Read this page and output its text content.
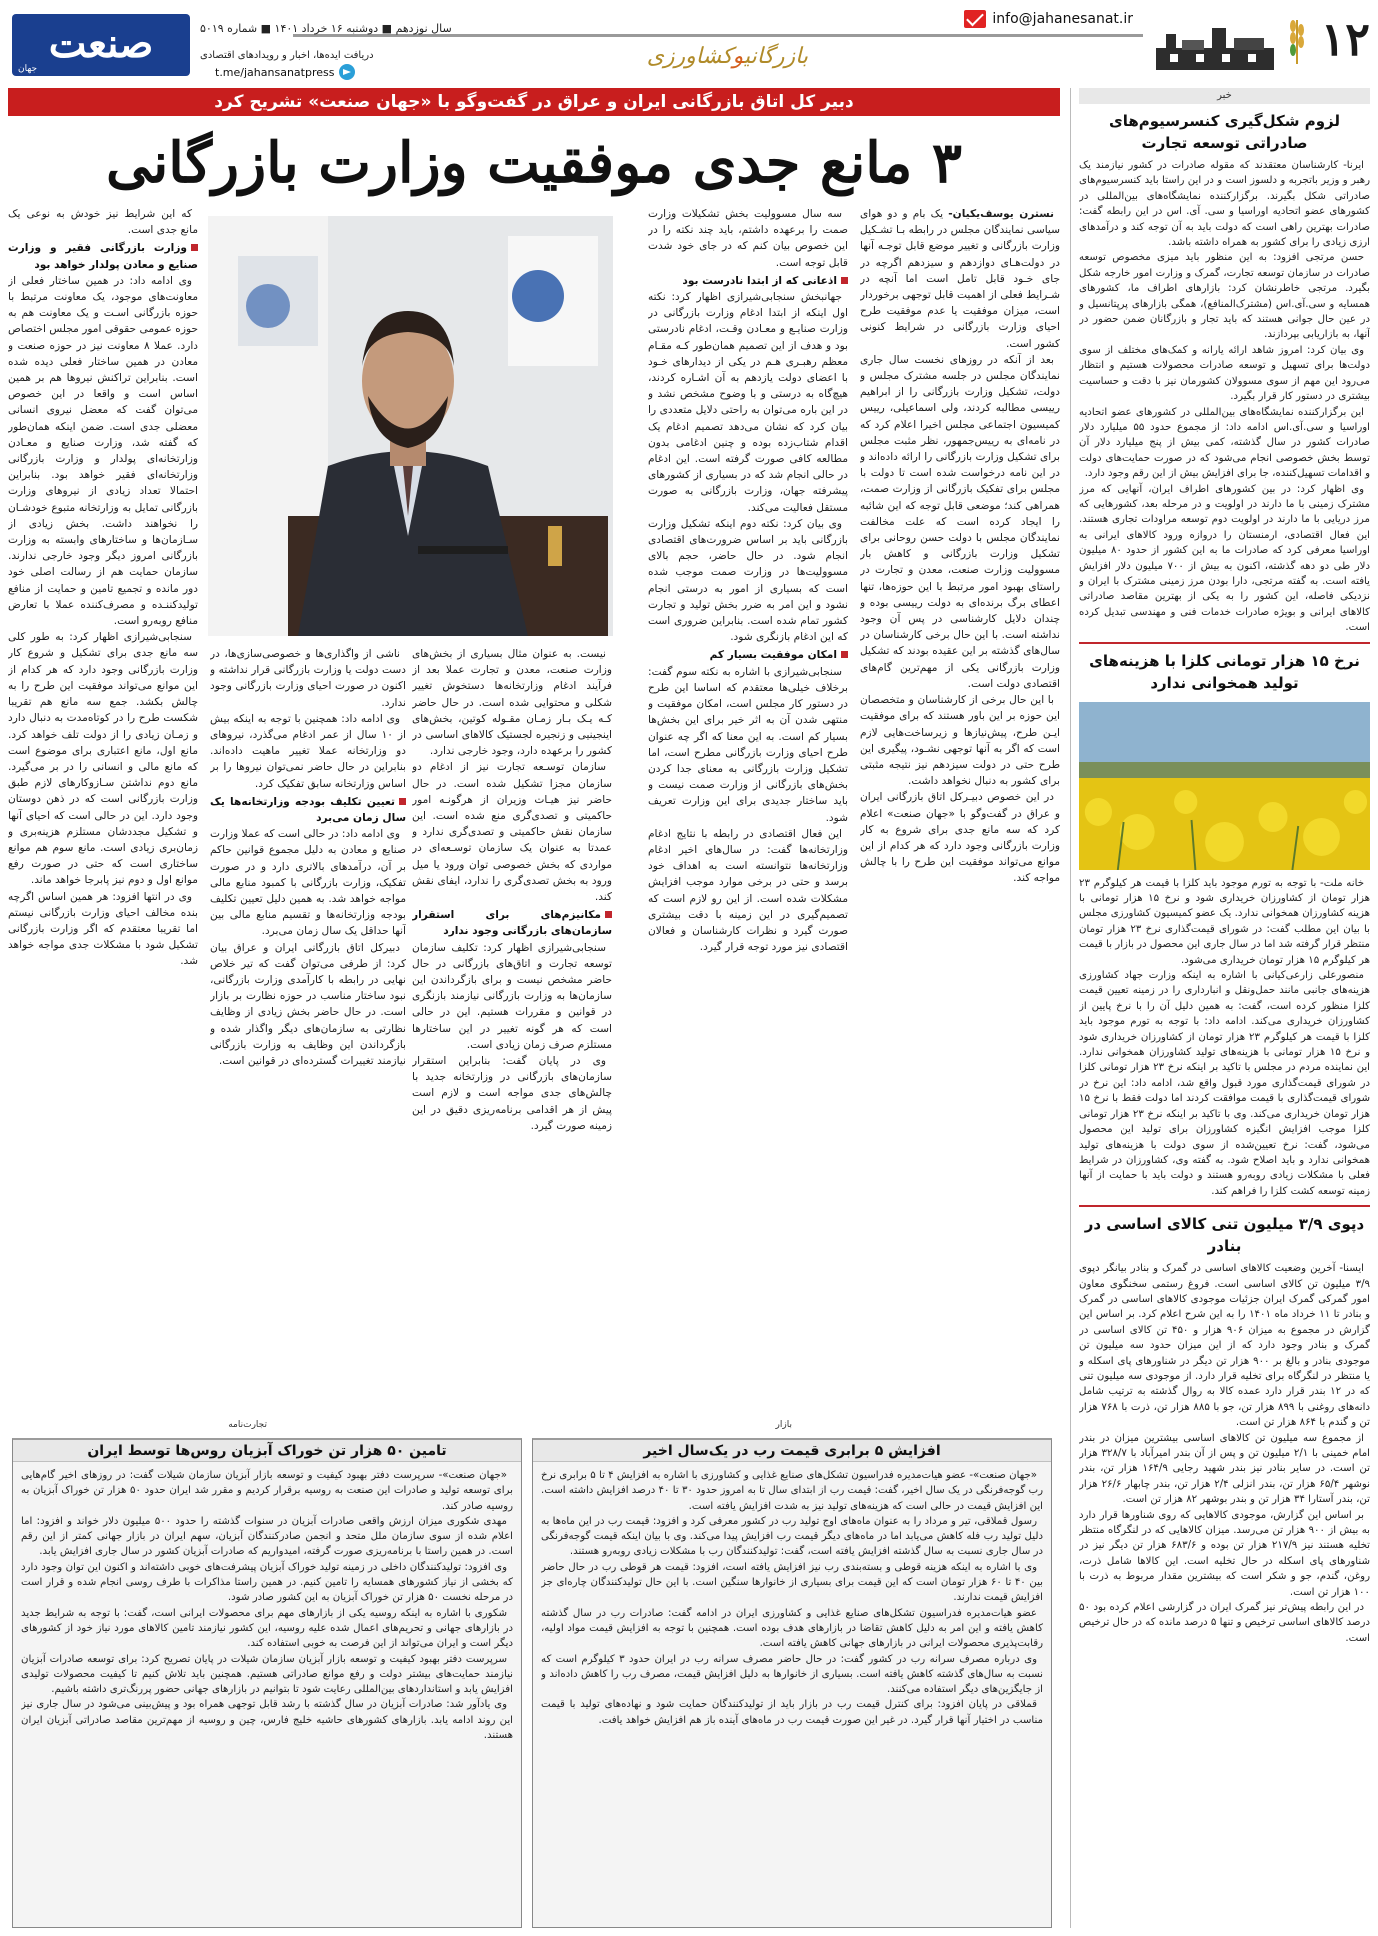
۱۲
info@jahanesanat.ir
بازرگانیوکشاورزی
سال نوزدهم ■ دوشنبه ۱۶ خرداد ۱۴۰۱ ■ شماره ۵۰۱۹
دریافت ایده‌ها، اخبار و رویدادهای اقتصادی
t.me/jahansanatpress
صنعت
جهان
خبر
لزوم شکل‌گیری کنسرسیوم‌های صادراتی توسعه تجارت

ایرنا- کارشناسان معتقدند که مقوله صادرات در کشور نیازمند یک رهبر و وزیر باتجربه و دلسوز است و در این راستا باید کنسرسیوم‌های صادراتی شکل بگیرند. برگزارکننده نمایشگاه‌های بین‌المللی در کشورهای عضو اتحادیه اوراسیا و سی. آی. اس در این رابطه گفت: صادرات بهترین راهی است که دولت باید به آن توجه کند و درآمدهای ارزی زیادی را برای کشور به همراه داشته باشد.

حسن مرتجی افزود: به این منظور باید میزی مخصوص توسعه صادرات در سازمان توسعه تجارت، گمرک و وزارت امور خارجه شکل بگیرد. مرتجی خاطرنشان کرد: بازارهای اطراف ما، کشورهای همسایه و سی.آی.اس (مشترک‌المنافع)، همگی بازارهای پرپتانسیل و در عین حال جوانی هستند که باید تجار و بازرگانان ضمن حضور در آنها، به بازاریابی بپردازند.

وی بیان کرد: امروز شاهد ارائه یارانه و کمک‌های مختلف از سوی دولت‌ها برای تسهیل و توسعه صادرات محصولات هستیم و انتظار می‌رود این مهم از سوی مسوولان کشورمان نیز با دقت و حساسیت بیشتری در دستور کار قرار بگیرد.

این برگزارکننده نمایشگاه‌های بین‌المللی در کشورهای عضو اتحادیه اوراسیا و سی.آی.اس ادامه داد: از مجموع حدود ۵۵ میلیارد دلار صادرات کشور در سال گذشته، کمی بیش از پنج میلیارد دلار آن توسط بخش خصوصی انجام می‌شود که در صورت حمایت‌های دولت و اقدامات تسهیل‌کننده، جا برای افزایش بیش از این رقم وجود دارد.

وی اظهار کرد: در بین کشورهای اطراف ایران، آنهایی که مرز مشترک زمینی با ما دارند در اولویت و در مرحله بعد، کشورهایی که مرز دریایی با ما دارند در اولویت دوم توسعه مراودات تجاری هستند. این فعال اقتصادی، ارمنستان را دروازه ورود کالاهای ایرانی به اوراسیا معرفی کرد که صادرات ما به این کشور از حدود ۸۰ میلیون دلار طی دو دهه گذشته، اکنون به بیش از ۷۰۰ میلیون دلار افزایش یافته است. به گفته مرتجی، دارا بودن مرز زمینی مشترک با ایران و نزدیکی فاصله، این کشور را به یکی از بهترین مقاصد صادراتی کالاهای ایرانی و بویژه صادرات خدمات فنی و مهندسی تبدیل کرده است.

نرخ ۱۵ هزار تومانی کلزا با هزینه‌های تولید همخوانی ندارد

خانه ملت- با توجه به تورم موجود باید کلزا با قیمت هر کیلوگرم ۲۳ هزار تومان از کشاورزان خریداری شود و نرخ ۱۵ هزار تومانی با هزینه کشاورزان همخوانی ندارد. یک عضو کمیسیون کشاورزی مجلس با بیان این مطلب گفت: در شورای قیمت‌گذاری نرخ ۲۳ هزار تومان منتظر قرار گرفته شد اما در سال جاری این محصول در بازار با قیمت هر کیلوگرم ۱۵ هزار تومان خریداری می‌شود.

منصورعلی زارعی‌کیانی با اشاره به اینکه وزارت جهاد کشاورزی هزینه‌های جانبی مانند حمل‌ونقل و انبارداری را در زمینه تعیین قیمت کلزا منظور کرده است، گفت: به همین دلیل آن را با نرخ پایین از کشاورزان خریداری می‌کند. ادامه داد: با توجه به تورم موجود باید کلزا با قیمت هر کیلوگرم ۲۳ هزار تومان از کشاورزان خریداری شود و نرخ ۱۵ هزار تومانی با هزینه‌های تولید کشاورزان همخوانی ندارد. این نماینده مردم در مجلس با تاکید بر اینکه نرخ ۲۳ هزار تومانی کلزا در شورای قیمت‌گذاری مورد قبول واقع شد، ادامه داد: این نرخ در شورای قیمت‌گذاری با قیمت موافقت کردند اما دولت فقط با نرخ ۱۵ هزار تومان خریداری می‌کند. وی با تاکید بر اینکه نرخ ۲۳ هزار تومانی کلزا موجب افزایش انگیزه کشاورزان برای تولید این محصول می‌شود، گفت: نرخ تعیین‌شده از سوی دولت با هزینه‌های تولید همخوانی ندارد و باید اصلاح شود. به گفته وی، کشاورزان در شرایط فعلی با مشکلات زیادی روبه‌رو هستند و دولت باید با حمایت از آنها زمینه توسعه کشت کلزا را فراهم کند.

دپوی ۳/۹ میلیون تنی کالای اساسی در بنادر

ایسنا- آخرین وضعیت کالاهای اساسی در گمرک و بنادر بیانگر دپوی ۳/۹ میلیون تن کالای اساسی است. فروغ رستمی سخنگوی معاون امور گمرکی گمرک ایران جزئیات موجودی کالاهای اساسی در گمرک و بنادر تا ۱۱ خرداد ماه ۱۴۰۱ را به این شرح اعلام کرد. بر اساس این گزارش در مجموع به میزان ۹۰۶ هزار و ۴۵۰ تن کالای اساسی در گمرک و بنادر وجود دارد که از این میزان حدود سه میلیون تن موجودی بنادر و بالغ بر ۹۰۰ هزار تن دیگر در شناورهای پای اسکله و یا منتظر در لنگرگاه برای تخلیه قرار دارد. از موجودی سه میلیون تنی که در ۱۲ بندر قرار دارد عمده کالا به روال گذشته به ترتیب شامل دانه‌های روغنی با ۸۹۹ هزار تن، جو با ۸۸۵ هزار تن، ذرت با ۷۶۸ هزار تن و گندم با ۸۶۴ هزار تن است.

از مجموع سه میلیون تن کالاهای اساسی بیشترین میزان در بندر امام خمینی با ۲/۱ میلیون تن و پس از آن بندر امیرآباد با ۳۲۸/۷ هزار تن است. در سایر بنادر نیز بندر شهید رجایی ۱۶۴/۹ هزار تن، بندر نوشهر ۶۵/۴ هزار تن، بندر انزلی ۲/۴ هزار تن، بندر چابهار ۲۶/۶ هزار تن، بندر آستارا ۳۴ هزار تن و بندر بوشهر ۸۲ هزار تن است.

بر اساس این گزارش، موجودی کالاهایی که روی شناورها قرار دارد به بیش از ۹۰۰ هزار تن می‌رسد. میزان کالاهایی که در لنگرگاه منتظر تخلیه هستند نیز ۲۱۷/۹ هزار تن بوده و ۶۸۳/۶ هزار تن دیگر نیز در شناورهای پای اسکله در حال تخلیه است. این کالاها شامل ذرت، روغن، گندم، جو و شکر است که بیشترین مقدار مربوط به ذرت با ۱۰۰ هزار تن است.

در این رابطه پیش‌تر نیز گمرک ایران در گزارشی اعلام کرده بود ۵۰ درصد کالاهای اساسی ترخیص و تنها ۵ درصد مانده که در حال ترخیص است.

دبیر کل اتاق بازرگانی ایران و عراق در گفت‌وگو با «جهان صنعت» تشریح کرد
۳ مانع جدی موفقیت وزارت بازرگانی

نسترن یوسف‌یکیان- یک بام و دو هوای سیاسی نمایندگان مجلس در رابطه بـا تشـکیل وزارت بازرگانی و تغییر موضع قابل توجـه آنها در دولت‌هـای دوازدهم و سیزدهم اگرچه در جای خـود قابل تامل است اما آنچه در شـرایط فعلی از اهمیت قابل توجهی برخوردار است، میزان موفقیت یا عدم موفقیت طرح احیای وزارت بازرگانی در شرایط کنونی کشور است.

بعد از آنکه در روزهای نخست سال جاری نمایندگان مجلس در جلسه مشترک مجلس و دولت، تشکیل وزارت بازرگانی را از ابراهیم رییسی مطالبه کردند، ولی اسماعیلی، رییس کمیسیون اجتماعی مجلس اخیرا اعلام کرد که در نامه‌ای به رییس‌جمهور، نظر مثبت مجلس برای تشکیل وزارت بازرگانی را ارائه داده‌اند و در این نامه درخواست شده است تا دولت با مجلس برای تفکیک بازرگانی از وزارت صمت، همراهی کند؛ موضعی قابل توجه که این شائبه را ایجاد کرده است که علت مخالفت نمایندگان مجلس با دولت حسن روحانی برای تشکیل وزارت بازرگانی و کاهش بار مسوولیت وزارت صنعت، معدن و تجارت در راستای بهبود امور مرتبط با این حوزه‌ها، تنها اعطای برگ برنده‌ای به دولت رییسی بوده و چندان دلایل کارشناسی در پس آن وجود نداشته است. با این حال برخی کارشناسان در سال‌های گذشته بر این عقیده بودند که تشکیل وزارت بازرگانی یکی از مهم‌ترین گام‌های اقتصادی دولت است.

با این حال برخی از کارشناسان و متخصصان این حوزه بر این باور هستند که برای موفقیت ایـن طرح، پیش‌نیازها و زیرساخت‌هایی لازم است که اگر به آنها توجهی نشـود، پیگیری این طرح حتی در دولت سیزدهم نیز نتیجه مثبتی برای کشور به دنبال نخواهد داشت.

در این خصوص دبیـرکل اتاق بازرگانی ایران و عراق در گفت‌وگو با «جهان صنعت» اعلام کرد که سه مانع جدی برای شروع به کار وزارت بازرگانی وجود دارد که هر کدام از این موانع می‌تواند موفقیت این طرح را با چالش مواجه کند.

سه سال مسوولیت بخش تشکیلات وزارت صمت را برعهده داشتم، باید چند نکته را در این خصوص بیان کنم که در جای خود شدت قابل توجه است.

اذعانی که از ابتدا نادرست بود

جهانبخش سنجابی‌شیرازی اظهار کرد: نکته اول اینکه از ابتدا ادغام وزارت بازرگانی در وزارت صنایـع و معـادن وقـت، ادغام نادرستی بود و هدف از این تصمیم همان‌طور کـه مقـام معظم رهبـری هـم در یکی از دیدارهای خـود با اعضای دولت یازدهم به آن اشـاره کردند، هیچ‌گاه به درستی و با وضوح مشخص نشد و در این باره می‌توان به راحتی دلایل متعددی را بیان کرد که نشان می‌دهد تصمیم ادغام یک اقدام شتاب‌زده بوده و چنین ادغامی بدون مطالعه کافی صورت گرفته است. این ادغام در حالی انجام شد که در بسیاری از کشورهای پیشرفته جهان، وزارت بازرگانی به صورت مستقل فعالیت می‌کند.

وی بیان کرد: نکته دوم اینکه تشکیل وزارت بازرگانی باید بر اساس ضرورت‌های اقتصادی انجام شود. در حال حاضر، حجم بالای مسوولیت‌ها در وزارت صمت موجب شده است که بسیاری از امور به درستی انجام نشود و این امر به ضرر بخش تولید و تجارت کشور تمام شده است. بنابراین ضروری است که این ادغام بازنگری شود.

امکان موفقیت بسیار کم

سنجابی‌شیرازی با اشاره به نکته سوم گفت: برخلاف خیلی‌ها معتقدم که اساسا این طرح در دستور کار مجلس است، امکان موفقیت و منتهی شدن آن به اثر خیر برای این بخش‌ها بسیار کم است. به این معنا که اگر چه عنوان طرح احیای وزارت بازرگانی مطرح است، اما تشکیل وزارت بازرگانی به معنای جدا کردن بخش‌های بازرگانی از وزارت صمت نیست و باید ساختار جدیدی برای این وزارت تعریف شود.

این فعال اقتصادی در رابطه با نتایج ادغام وزارتخانه‌ها گفت: در سال‌های اخیر ادغام وزارتخانه‌ها نتوانسته است به اهداف خود برسد و حتی در برخی موارد موجب افزایش مشکلات شده است. از این رو لازم است که تصمیم‌گیری در این زمینه با دقت بیشتری صورت گیرد و نظرات کارشناسان و فعالان اقتصادی نیز مورد توجه قرار گیرد.

که این شرایط نیز خودش به نوعی یک مانع جدی است.

وزارت بازرگانی فقیر و وزارت صنایع و معادن پولدار خواهد بود

وی ادامه داد: در همین ساختار فعلی از معاونت‌های موجود، یک معاونت مرتبط با حوزه بازرگانی اسـت و یک معاونت هم به حوزه عمومی حقوقی امور مجلس اختصاص دارد. عملا ۸ معاونت نیز در حوزه صنعت و معادن در همین ساختار فعلی دیده شده است. بنابراین تراکنش نیروها هم بر همین اساس است و واقعا در این خصوص می‌توان گفت که معضل نیروی انسانی معضلی جدی است. ضمن اینکه همان‌طور که گفته شد، وزارت صنایع و معـادن وزارتخانه‌ای پولدار و وزارت بازرگانی وزارتخانه‌ای فقیر خواهد بود. بنابراین احتمالا تعداد زیادی از نیروهای وزارت بازرگانی تمایل به وزارتخانه متبوع خودشـان را نخواهند داشت. بخش زیادی از سـازمان‌ها و ساختارهای وابسته به وزارت بازرگانی امروز دیگر وجود خارجی ندارند. سازمان حمایت هم از رسالت اصلی خود دور مانده و تجمیع تامین و حمایت از منافع تولیدکننـده و مصرف‌کننده عملا با تعارض منافع رو‌به‌رو است.

سنجابی‌شیرازی اظهار کرد: به طور کلی سه مانع جدی برای تشکیل و شروع کار وزارت بازرگانی وجود دارد که هر کدام از این موانع می‌تواند موفقیت این طرح را به چالش بکشد. جمع سه مانع هم تقریبا شکست طرح را در کوتاه‌مدت به دنبال دارد و زمـان زیادی را از دولت تلف خواهد کرد. مانع اول، مانع اعتباری برای موضوع است که مانع مالی و انسانی را در بر می‌گیرد. مانع دوم نداشتن سـازوکارهای لازم طبق وزارت بازرگانی است که در ذهن دوستان وجود دارد. این در حالی است که احیای آنها و تشکیل مجددشان مستلزم هزینه‌بری و زمان‌بری زیادی است. مانع سوم هم موانع ساختاری است که حتی در صورت رفع موانع اول و دوم نیز پابرجا خواهد ماند.

وی در انتها افزود: هر همین اساس اگرچه بنده مخالف احیای وزارت بازرگانی نیستم اما تقریبا معتقدم که اگر وزارت بازرگانی تشکیل شود با مشکلات جدی مواجه خواهد شد.

نیست. به عنوان مثال بسیاری از بخش‌های وزارت صنعت، معدن و تجارت عملا بعد از فرآیند ادغام وزارتخانه‌ها دستخوش تغییر شکلی و محتوایی شده است. در حال حاضر کـه یـک بـار زمـان مقـوله کوتین، بخش‌های اینجینیی و زنجیره لجستیک کالاهای اساسی در کشور را برعهده دارد، وجود خارجی ندارد.

سازمان توسـعه تجارت نیز از ادغام دو سازمان مجزا تشکیل شده است. در حال حاضر نیز هیـات وزیران از هرگونـه امور حاکمیتی و تصدی‌گری منع شده است. این سازمان نقش حاکمیتی و تصدی‌گری ندارد و عمدتا به عنوان یک سازمان توسـعه‌ای در مواردی که بخش خصوصی توان ورود یا میل ورود به بخش تصدی‌گری را ندارد، ایفای نقش کند.

مکانیزم‌های برای استقرار سازمان‌های بازرگانی وجود ندارد

سنجابی‌شیرازی اظهار کرد: تکلیف سازمان توسعه تجارت و اتاق‌های بازرگانی در حال حاضر مشخص نیست و برای بازگرداندن این سازمان‌ها به وزارت بازرگانی نیازمند بازنگری در قوانین و مقررات هستیم. این در حالی است که هر گونه تغییر در این ساختارها مستلزم صرف زمان زیادی است.

وی در پایان گفت: بنابراین استقرار سازمان‌های بازرگانی در وزارتخانه جدید با چالش‌های جدی مواجه است و لازم است پیش از هر اقدامی برنامه‌ریزی دقیق در این زمینه صورت گیرد.

ناشی از واگذاری‌ها و خصوصی‌سازی‌ها، در دست دولت یا وزارت بازرگانی قرار نداشته و اکنون در صورت احیای وزارت بازرگانی وجود ندارد.

وی ادامه داد: همچنین با توجه به اینکه بیش از ۱۰ سال از عمر ادغام می‌گذرد، نیروهای دو وزارتخانه عملا تغییر ماهیت داده‌اند. بنابراین در حال حاضر نمی‌توان نیروها را بر اساس وزارتخانه سابق تفکیک کرد.

تعیین تکلیف بودجه وزارتخانه‌ها یک سال زمان می‌برد

وی ادامه داد: در حالی است که عملا وزارت صنایع و معادن به دلیل مجموع قوانین حاکم بر آن، درآمدهای بالاتری دارد و در صورت تفکیک، وزارت بازرگانی با کمبود منابع مالی مواجه خواهد شد. به همین دلیل تعیین تکلیف بودجه وزارتخانه‌ها و تقسیم منابع مالی بین آنها حداقل یک سال زمان می‌برد.

دبیرکل اتاق بازرگانی ایران و عراق بیان کرد: از طرفی می‌توان گفت که تیر خلاص نهایی در رابطه با کارآمدی وزارت بازرگانی، نبود ساختار مناسب در حوزه نظارت بر بازار است. در حال حاضر بخش زیادی از وظایف نظارتی به سازمان‌های دیگر واگذار شده و بازگرداندن این وظایف به وزارت بازرگانی نیازمند تغییرات گسترده‌ای در قوانین است.

بازار
افزایش ۵ برابری قیمت رب در یک‌سال اخیر

«جهان صنعت»- عضو هیات‌مدیره فدراسیون تشکل‌های صنایع غذایی و کشاورزی با اشاره به افزایش ۴ تا ۵ برابری نرخ رب گوجه‌فرنگی در یک سال اخیر، گفت: قیمت رب از ابتدای سال تا به امروز حدود ۳۰ تا ۴۰ درصد افزایش داشته است. این افزایش قیمت در حالی است که هزینه‌های تولید نیز به شدت افزایش یافته است.

رسول قملاقی، تیر و مرداد را به عنوان ماه‌های اوج تولید رب در کشور معرفی کرد و افزود: قیمت رب در این ماه‌ها به دلیل تولید رب فله کاهش می‌یابد اما در ماه‌های دیگر قیمت رب افزایش پیدا می‌کند. وی با بیان اینکه قیمت گوجه‌فرنگی در سال جاری نسبت به سال گذشته افزایش یافته است، گفت: تولیدکنندگان رب با مشکلات زیادی روبه‌رو هستند.

وی با اشاره به اینکه هزینه قوطی و بسته‌بندی رب نیز افزایش یافته است، افزود: قیمت هر قوطی رب در حال حاضر بین ۴۰ تا ۶۰ هزار تومان است که این قیمت برای بسیاری از خانوارها سنگین است. با این حال تولیدکنندگان چاره‌ای جز افزایش قیمت ندارند.

عضو هیات‌مدیره فدراسیون تشکل‌های صنایع غذایی و کشاورزی ایران در ادامه گفت: صادرات رب در سال گذشته کاهش یافته و این امر به دلیل کاهش تقاضا در بازارهای هدف بوده است. همچنین با توجه به افزایش قیمت مواد اولیه، رقابت‌پذیری محصولات ایرانی در بازارهای جهانی کاهش یافته است.

وی درباره مصرف سرانه رب در کشور گفت: در حال حاضر مصرف سرانه رب در ایران حدود ۳ کیلوگرم است که نسبت به سال‌های گذشته کاهش یافته است. بسیاری از خانوارها به دلیل افزایش قیمت، مصرف رب را کاهش داده‌اند و از جایگزین‌های دیگر استفاده می‌کنند.

قملاقی در پایان افزود: برای کنترل قیمت رب در بازار باید از تولیدکنندگان حمایت شود و نهاده‌های تولید با قیمت مناسب در اختیار آنها قرار گیرد. در غیر این صورت قیمت رب در ماه‌های آینده باز هم افزایش خواهد یافت.

تجارت‌نامه
تامین ۵۰ هزار تن خوراک آبزیان روس‌ها توسط ایران

«جهان صنعت»- سرپرست دفتر بهبود کیفیت و توسعه بازار آبزیان سازمان شیلات گفت: در روزهای اخیر گام‌هایی برای توسعه تولید و صادرات این صنعت به روسیه برقرار کردیم و مقرر شد ایران حدود ۵۰ هزار تن خوراک آبزیان به روسیه صادر کند.

مهدی شکوری میزان ارزش واقعی صادرات آبزیان در سنوات گذشته را حدود ۵۰۰ میلیون دلار خواند و افزود: اما اعلام شده از سوی سازمان ملل متحد و انجمن صادرکنندگان آبزیان، سهم ایران در بازار جهانی کمتر از این رقم است. در همین راستا با برنامه‌ریزی صورت گرفته، امیدواریم که صادرات آبزیان کشور در سال جاری افزایش یابد.

وی افزود: تولیدکنندگان داخلی در زمینه تولید خوراک آبزیان پیشرفت‌های خوبی داشته‌اند و اکنون این توان وجود دارد که بخشی از نیاز کشورهای همسایه را تامین کنیم. در همین راستا مذاکرات با طرف روسی انجام شده و قرار است در مرحله نخست ۵۰ هزار تن خوراک آبزیان به این کشور صادر شود.

شکوری با اشاره به اینکه روسیه یکی از بازارهای مهم برای محصولات ایرانی است، گفت: با توجه به شرایط جدید در بازارهای جهانی و تحریم‌های اعمال شده علیه روسیه، این کشور نیازمند تامین کالاهای مورد نیاز خود از کشورهای دیگر است و ایران می‌تواند از این فرصت به خوبی استفاده کند.

سرپرست دفتر بهبود کیفیت و توسعه بازار آبزیان سازمان شیلات در پایان تصریح کرد: برای توسعه صادرات آبزیان نیازمند حمایت‌های بیشتر دولت و رفع موانع صادراتی هستیم. همچنین باید تلاش کنیم تا کیفیت محصولات تولیدی افزایش یابد و استانداردهای بین‌المللی رعایت شود تا بتوانیم در بازارهای جهانی حضور پررنگ‌تری داشته باشیم.

وی یادآور شد: صادرات آبزیان در سال گذشته با رشد قابل توجهی همراه بود و پیش‌بینی می‌شود در سال جاری نیز این روند ادامه یابد. بازارهای کشورهای حاشیه خلیج فارس، چین و روسیه از مهم‌ترین مقاصد صادراتی آبزیان ایران هستند.
